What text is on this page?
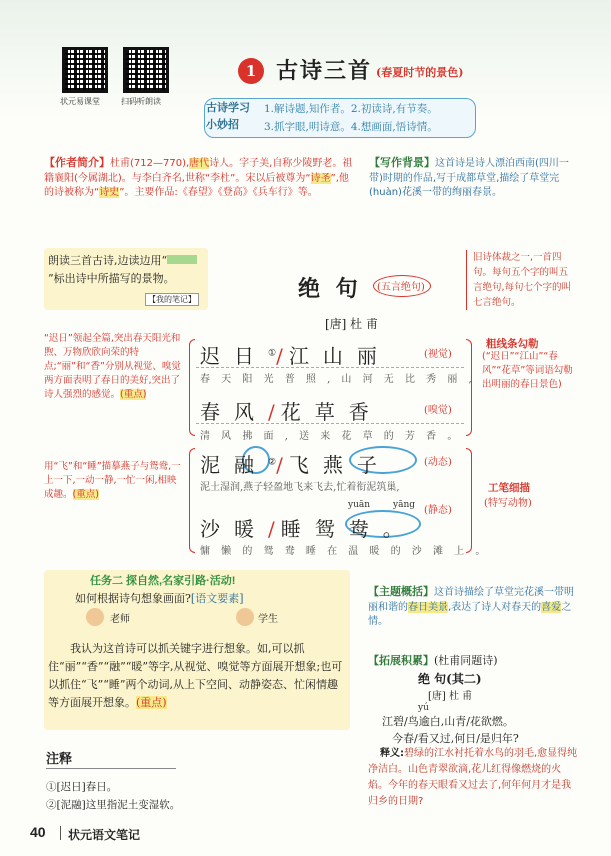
状元易课堂	扫码听朗读
1 古诗三首 (春夏时节的景色)
古诗学习 小妙招
1.解诗题,知作者。2.初读诗,有节奏。
3.抓字眼,明诗意。4.想画面,悟诗情。
【作者简介】杜甫(712—770),唐代诗人。字子美,自称少陵野老。祖籍襄阳(今属湖北)。与李白齐名,世称“李杜”。宋以后被尊为“诗圣”,他的诗被称为“诗史”。主要作品:《春望》《登高》《兵车行》等。
【写作背景】这首诗是诗人漂泊西南(四川一带)时期的作品,写于成都草堂,描绘了草堂完(huàn)花溪一带的绚丽春景。
朗读三首古诗,边读边用“”标出诗中所描写的景物。
【我的笔记】
旧诗体裁之一,一首四句。每句五个字的叫五言绝句,每句七个字的叫七言绝句。
绝 句 (五言绝句)
[唐] 杜 甫
迟日①/江山丽	(视觉)
春 天 阳 光 普 照 , 山 河 无 比 秀 丽 ,
春风/花草香	(嗅觉)
清 风 拂 面 , 送 来 花 草 的 芳 香 。
泥融②/飞燕子	(动态)
泥土湿润,燕子轻盈地飞来飞去,忙着衔泥筑巢,
yuān	yāng
沙暖/睡鸳鸯。
(静态)
慵 懒 的 鸳 鸯 睡 在 温 暖 的 沙 滩 上 。
“迟日”领起全篇,突出春天阳光和煦、万物欣欣向荣的特点;“丽”和“香”分别从视觉、嗅觉两方面表明了春日的美好,突出了诗人强烈的感觉。(重点)
用“飞”和“睡”描摹燕子与鸳鸯,一上一下,一动一静,一忙一闲,相映成趣。(重点)
粗线条勾勒
(“迟日”“江山”“春风”“花草”等词语勾勒出明丽的春日景色)
工笔细描
(特写动物)
任务二 探自然,名家引路·活动!
如何根据诗句想象画面?[语文要素]
老师	学生
我认为这首诗可以抓关键字进行想象。如,可以抓住“丽”“香”“融”“暖”等字,从视觉、嗅觉等方面展开想象;也可以抓住“飞”“睡”两个动词,从上下空间、动静姿态、忙闲情趣等方面展开想象。(重点)
【主题概括】这首诗描绘了草堂完花溪一带明丽和谐的春日美景,表达了诗人对春天的喜爱之情。
【拓展积累】(杜甫同题诗)
绝 句(其二)
[唐] 杜 甫
yú
江碧/鸟逾白,山青/花欲燃。
今春/看又过,何日/是归年?
释义:碧绿的江水衬托着水鸟的羽毛,愈显得纯净洁白。山色青翠欲滴,花儿红得像燃烧的火焰。今年的春天眼看又过去了,何年何月才是我归乡的日期?
注释
①[迟日]春日。
②[泥融]这里指泥土变湿软。
40 状元语文笔记
